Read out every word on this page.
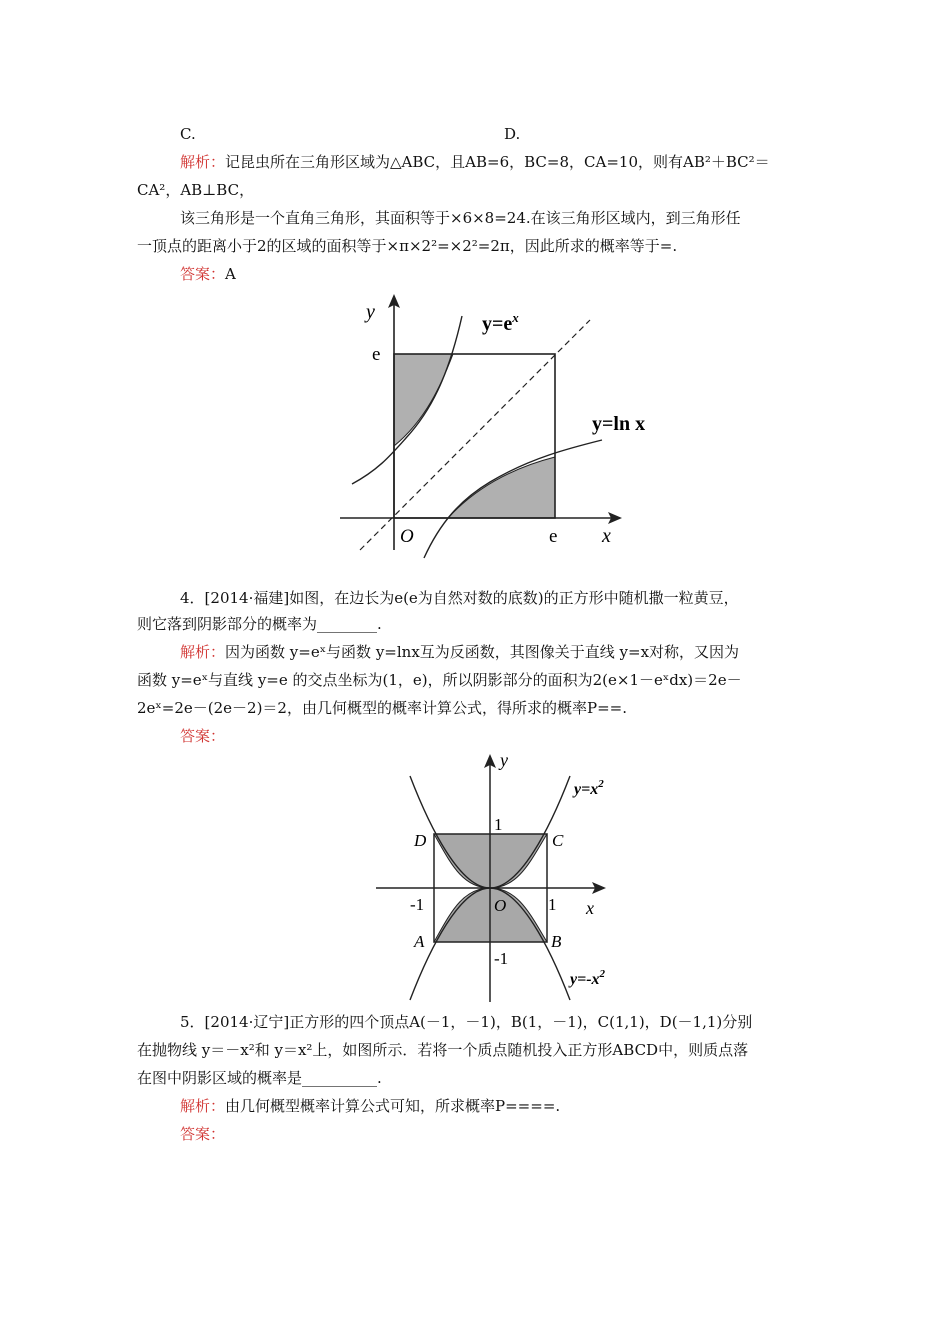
C.	D.
解析：记昆虫所在三角形区域为△ABC，且AB=6，BC=8，CA=10，则有AB²＋BC²＝
CA²，AB⊥BC，
该三角形是一个直角三角形，其面积等于×6×8=24.在该三角形区域内，到三角形任
一顶点的距离小于2的区域的面积等于×π×2²=×2²=2π，因此所求的概率等于=.
答案：A
y
x
O
e
e
$y=e^x$
y=ln x
4．[2014·福建]如图，在边长为e(e为自然对数的底数)的正方形中随机撒一粒黄豆，
则它落到阴影部分的概率为________.
解析：因为函数 y=eˣ与函数 y=lnx互为反函数，其图像关于直线 y=x对称，又因为
函数 y=eˣ与直线 y=e 的交点坐标为(1，e)，所以阴影部分的面积为2(e×1－eˣdx)＝2e－
2eˣ=2e－(2e－2)＝2，由几何概型的概率计算公式，得所求的概率P==.
答案：
y
x
O
D	C
A	B
1
-1	1
-1
$y=x^2$
$y=-x^2$
5．[2014·辽宁]正方形的四个顶点A(－1，－1)，B(1，－1)，C(1,1)，D(－1,1)分别
在抛物线 y＝－x²和 y＝x²上，如图所示．若将一个质点随机投入正方形ABCD中，则质点落
在图中阴影区域的概率是__________.
解析：由几何概型概率计算公式可知，所求概率P====.
答案：
